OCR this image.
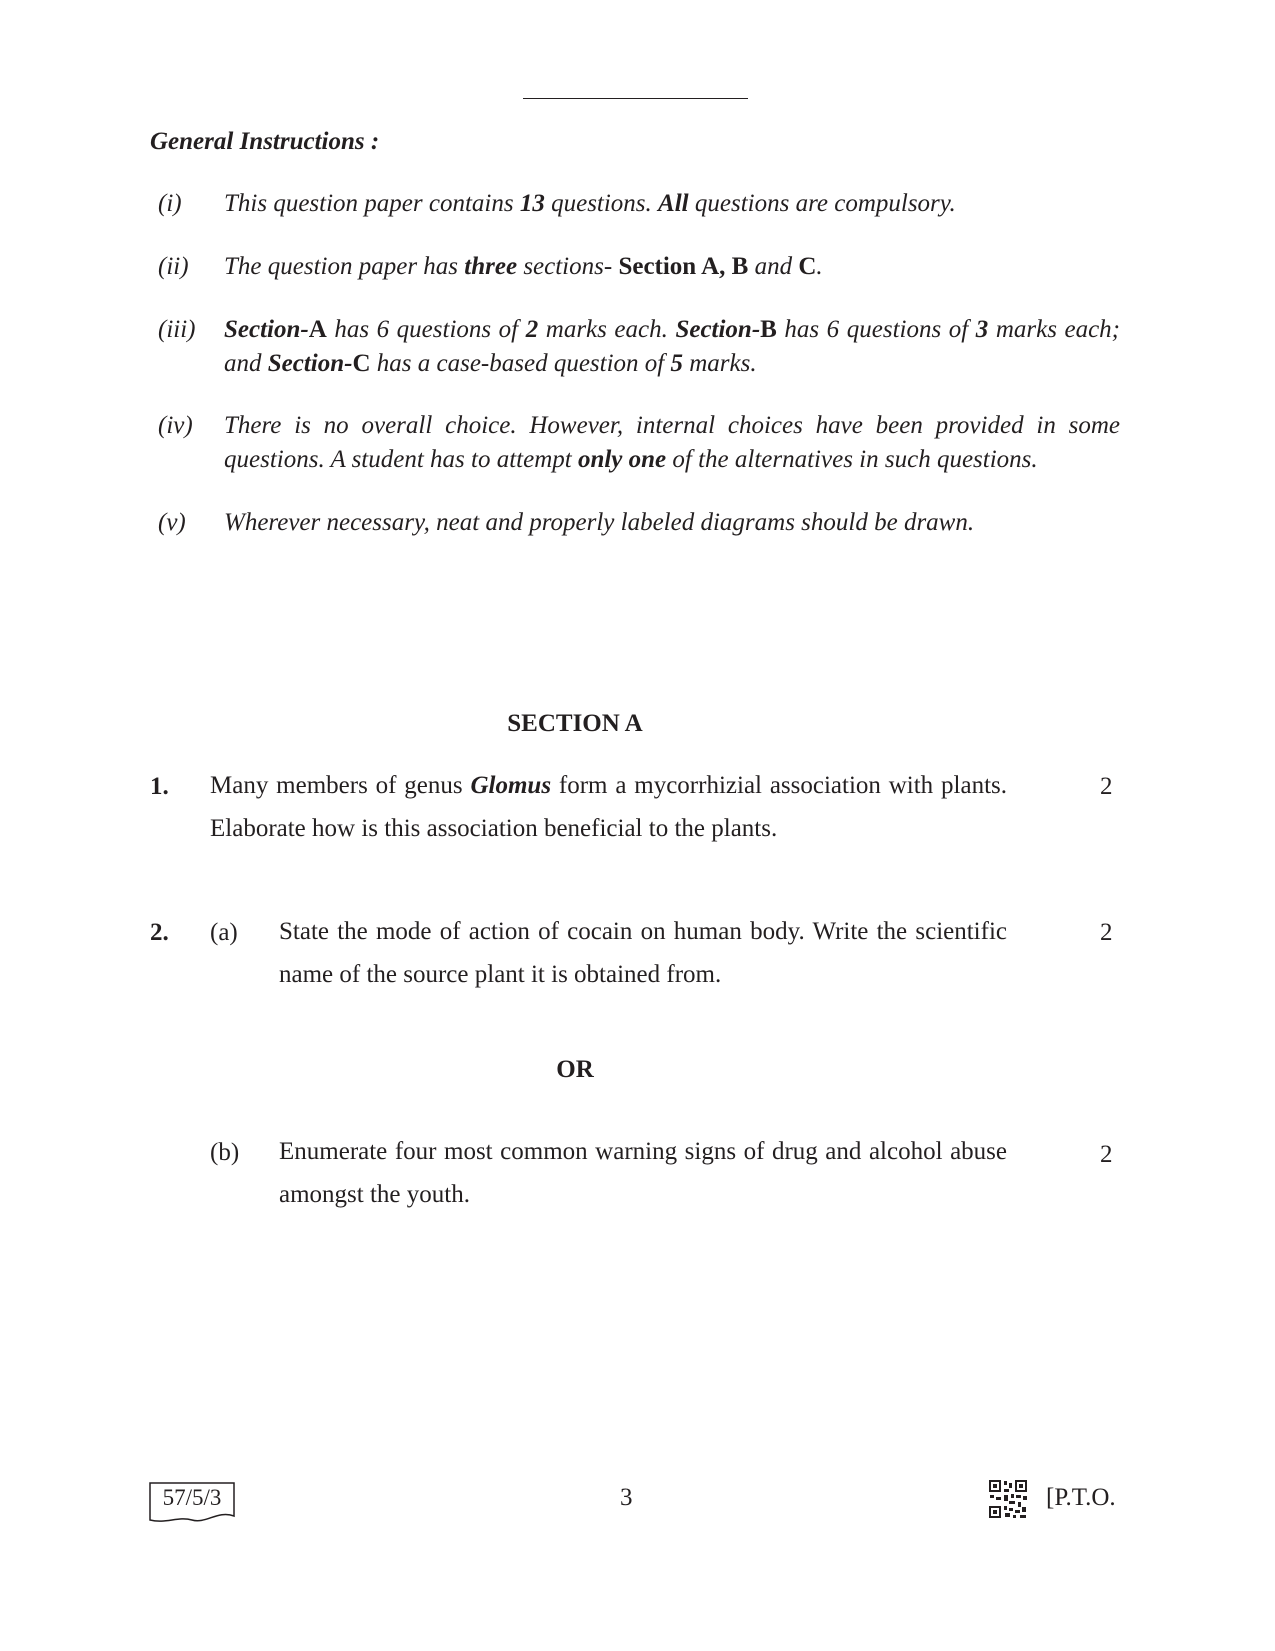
General Instructions :
(i) This question paper contains 13 questions. All questions are compulsory.
(ii) The question paper has three sections- Section A, B and C.
(iii) Section-A has 6 questions of 2 marks each. Section-B has 6 questions of 3 marks each; and Section-C has a case-based question of 5 marks.
(iv) There is no overall choice. However, internal choices have been provided in some questions. A student has to attempt only one of the alternatives in such questions.
(v) Wherever necessary, neat and properly labeled diagrams should be drawn.
SECTION A
1. Many members of genus Glomus form a mycorrhizial association with plants. Elaborate how is this association beneficial to the plants.
2
2. (a) State the mode of action of cocain on human body. Write the scientific name of the source plant it is obtained from.
2
OR
(b) Enumerate four most common warning signs of drug and alcohol abuse amongst the youth.
2
57/5/3	3	[P.T.O.
